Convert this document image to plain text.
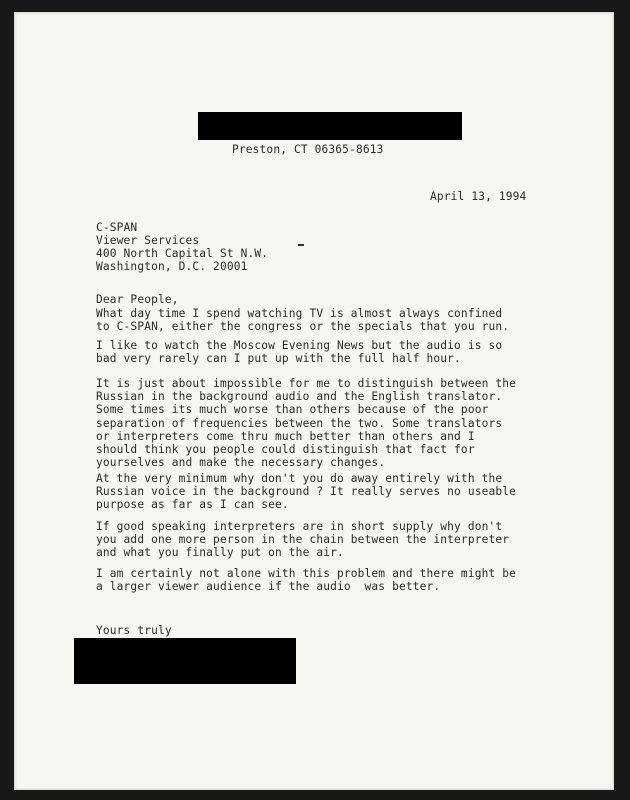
Preston, CT 06365-8613
April 13, 1994
C-SPAN
Viewer Services
400 North Capital St N.W.
Washington, D.C. 20001
Dear People,
What day time I spend watching TV is almost always confined
to C-SPAN, either the congress or the specials that you run.
I like to watch the Moscow Evening News but the audio is so
bad very rarely can I put up with the full half hour.
It is just about impossible for me to distinguish between the
Russian in the background audio and the English translator.
Some times its much worse than others because of the poor
separation of frequencies between the two. Some translators
or interpreters come thru much better than others and I
should think you people could distinguish that fact for
yourselves and make the necessary changes.
At the very minimum why don't you do away entirely with the
Russian voice in the background ? It really serves no useable
purpose as far as I can see.
If good speaking interpreters are in short supply why don't
you add one more person in the chain between the interpreter
and what you finally put on the air.
I am certainly not alone with this problem and there might be
a larger viewer audience if the audio  was better.
Yours truly
